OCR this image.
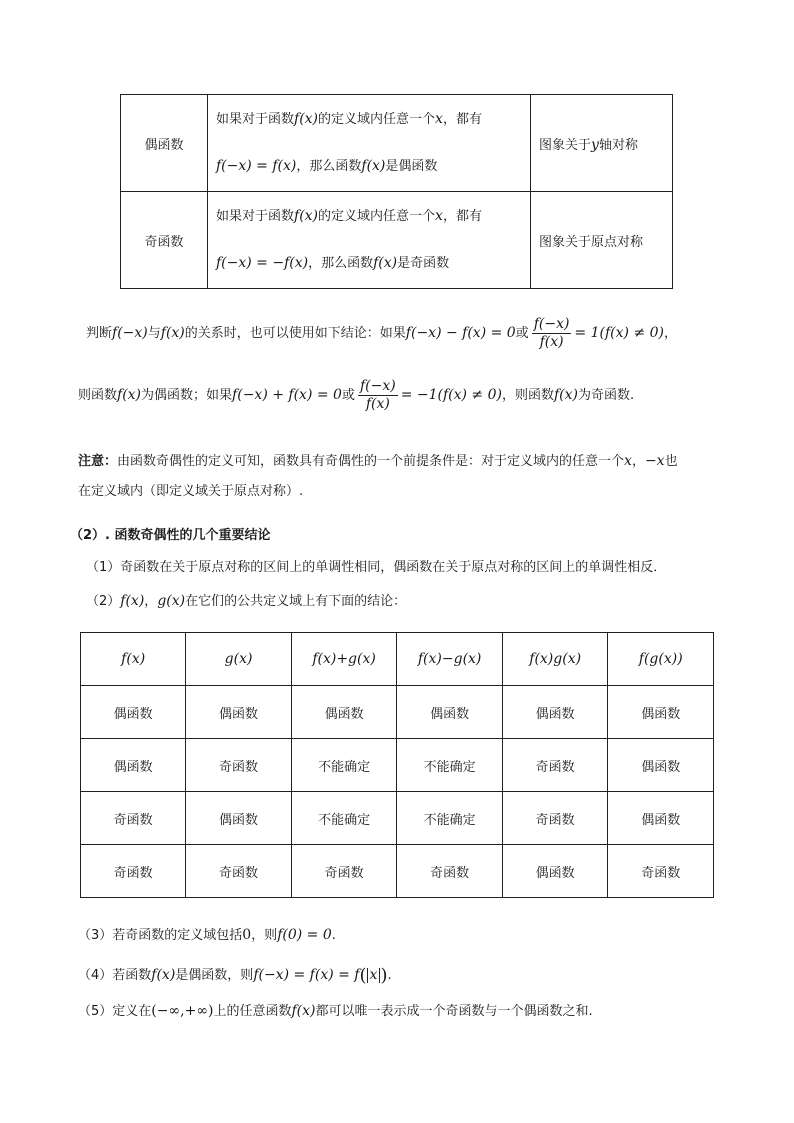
偶函数	如果对于函数f(x)的定义域内任意一个x，都有
f(−x) = f(x)，那么函数f(x)是偶函数	图象关于y轴对称
奇函数	如果对于函数f(x)的定义域内任意一个x，都有
f(−x) = −f(x)，那么函数f(x)是奇函数	图象关于原点对称
判断f(−x)与f(x)的关系时，也可以使用如下结论：如果f(−x) − f(x) = 0或 $\frac{f(-x)}{f(x)} = 1(f(x) \ne 0)$，
则函数f(x)为偶函数；如果f(−x) + f(x) = 0或 $\frac{f(-x)}{f(x)} = -1(f(x) \ne 0)$，则函数f(x)为奇函数.
注意：由函数奇偶性的定义可知，函数具有奇偶性的一个前提条件是：对于定义域内的任意一个x，−x也
在定义域内（即定义域关于原点对称）.
（2）. 函数奇偶性的几个重要结论
（1）奇函数在关于原点对称的区间上的单调性相同，偶函数在关于原点对称的区间上的单调性相反．
（2）f(x)，g(x)在它们的公共定义域上有下面的结论：
f(x)	g(x)	f(x)+g(x)	f(x)−g(x)	f(x)g(x)	f(g(x))
偶函数	偶函数	偶函数	偶函数	偶函数	偶函数
偶函数	奇函数	不能确定	不能确定	奇函数	偶函数
奇函数	偶函数	不能确定	不能确定	奇函数	偶函数
奇函数	奇函数	奇函数	奇函数	偶函数	奇函数
（3）若奇函数的定义域包括0，则f(0) = 0.
（4）若函数f(x)是偶函数，则f(−x) = f(x) = f( x ).
（5）定义在(−∞,+∞)上的任意函数f(x)都可以唯一表示成一个奇函数与一个偶函数之和.
